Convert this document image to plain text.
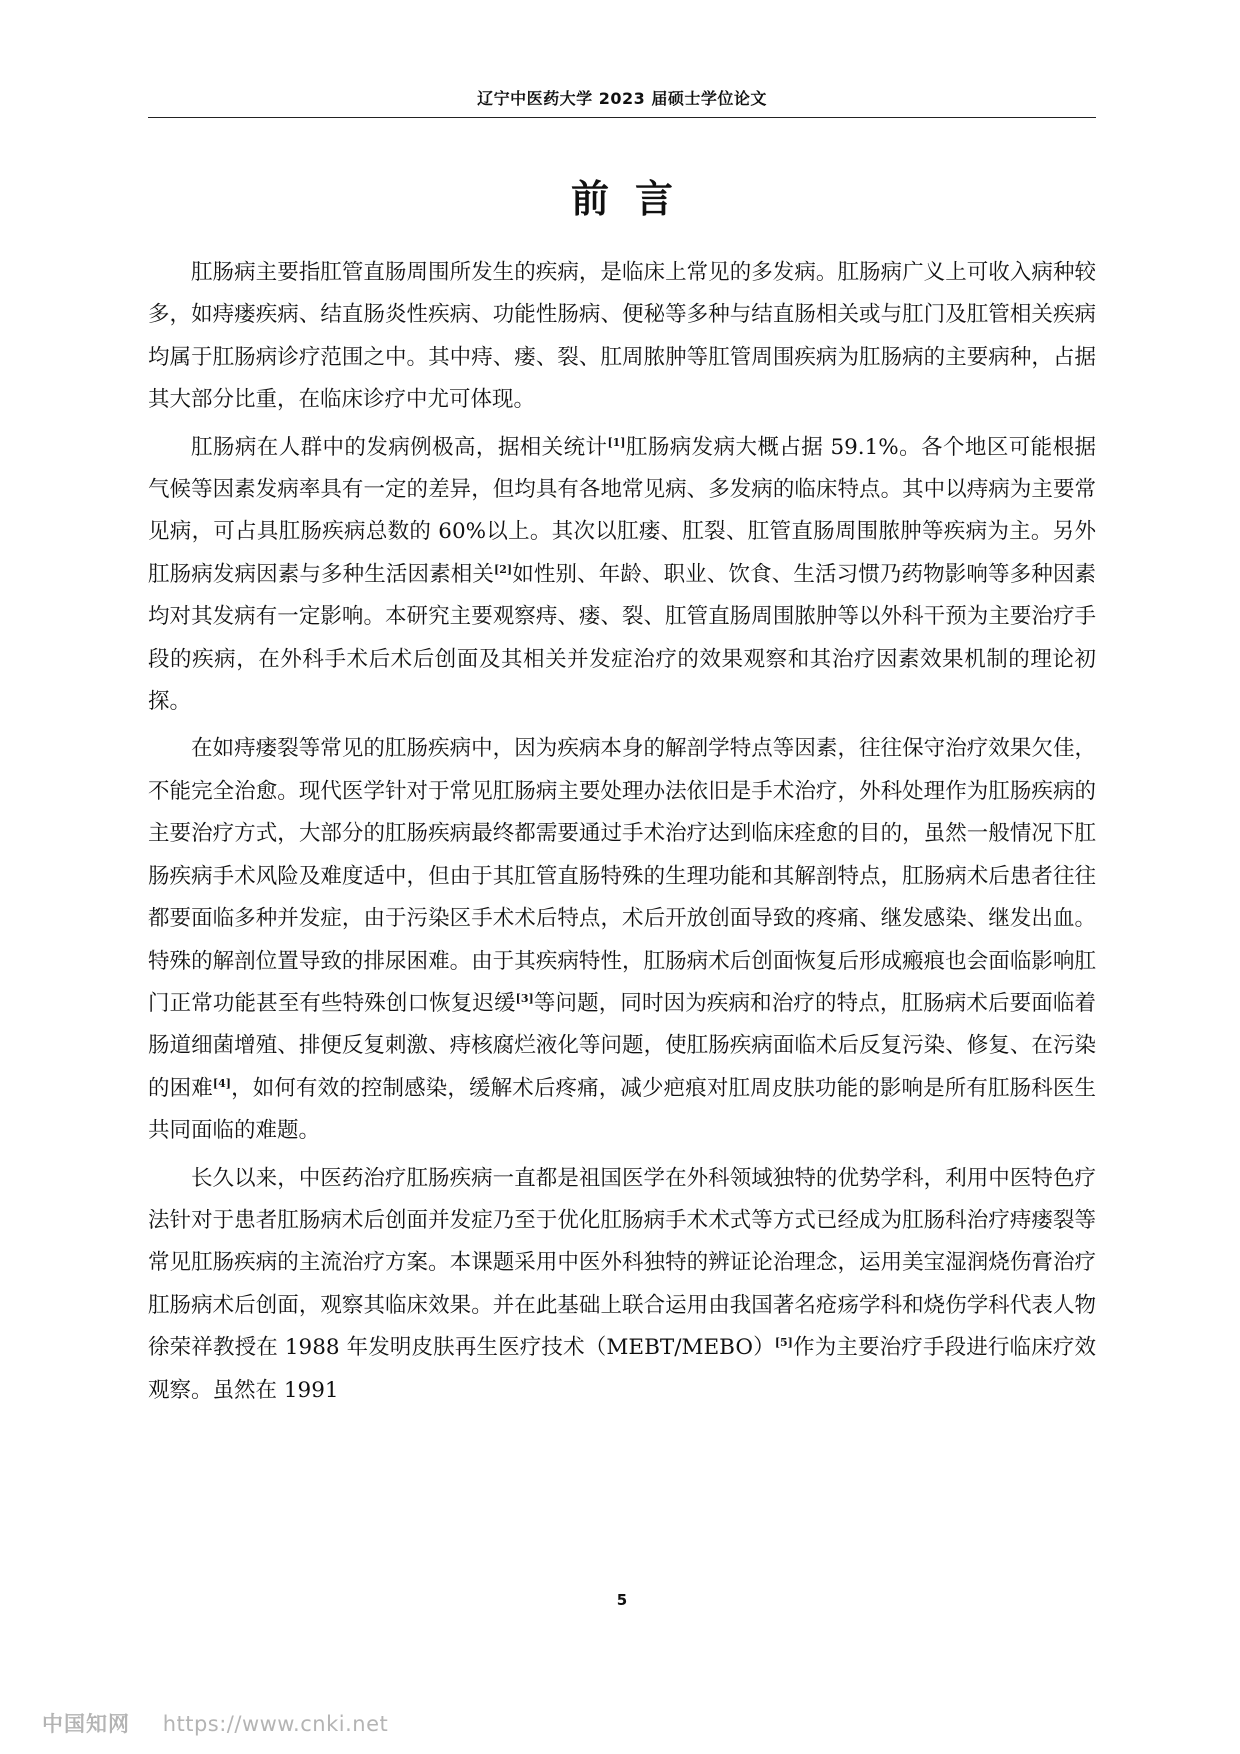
辽宁中医药大学 2023 届硕士学位论文
前言

肛肠病主要指肛管直肠周围所发生的疾病，是临床上常见的多发病。肛肠病广义上可收入病种较多，如痔瘘疾病、结直肠炎性疾病、功能性肠病、便秘等多种与结直肠相关或与肛门及肛管相关疾病均属于肛肠病诊疗范围之中。其中痔、瘘、裂、肛周脓肿等肛管周围疾病为肛肠病的主要病种，占据其大部分比重，在临床诊疗中尤可体现。

肛肠病在人群中的发病例极高，据相关统计[1]肛肠病发病大概占据 59.1%。各个地区可能根据气候等因素发病率具有一定的差异，但均具有各地常见病、多发病的临床特点。其中以痔病为主要常见病，可占具肛肠疾病总数的 60%以上。其次以肛瘘、肛裂、肛管直肠周围脓肿等疾病为主。另外肛肠病发病因素与多种生活因素相关[2]如性别、年龄、职业、饮食、生活习惯乃药物影响等多种因素均对其发病有一定影响。本研究主要观察痔、瘘、裂、肛管直肠周围脓肿等以外科干预为主要治疗手段的疾病，在外科手术后术后创面及其相关并发症治疗的效果观察和其治疗因素效果机制的理论初探。

在如痔瘘裂等常见的肛肠疾病中，因为疾病本身的解剖学特点等因素，往往保守治疗效果欠佳，不能完全治愈。现代医学针对于常见肛肠病主要处理办法依旧是手术治疗，外科处理作为肛肠疾病的主要治疗方式，大部分的肛肠疾病最终都需要通过手术治疗达到临床痊愈的目的，虽然一般情况下肛肠疾病手术风险及难度适中，但由于其肛管直肠特殊的生理功能和其解剖特点，肛肠病术后患者往往都要面临多种并发症，由于污染区手术术后特点，术后开放创面导致的疼痛、继发感染、继发出血。特殊的解剖位置导致的排尿困难。由于其疾病特性，肛肠病术后创面恢复后形成瘢痕也会面临影响肛门正常功能甚至有些特殊创口恢复迟缓[3]等问题，同时因为疾病和治疗的特点，肛肠病术后要面临着肠道细菌增殖、排便反复刺激、痔核腐烂液化等问题，使肛肠疾病面临术后反复污染、修复、在污染的困难[4]，如何有效的控制感染，缓解术后疼痛，减少疤痕对肛周皮肤功能的影响是所有肛肠科医生共同面临的难题。

长久以来，中医药治疗肛肠疾病一直都是祖国医学在外科领域独特的优势学科，利用中医特色疗法针对于患者肛肠病术后创面并发症乃至于优化肛肠病手术术式等方式已经成为肛肠科治疗痔瘘裂等常见肛肠疾病的主流治疗方案。本课题采用中医外科独特的辨证论治理念，运用美宝湿润烧伤膏治疗肛肠病术后创面，观察其临床效果。并在此基础上联合运用由我国著名疮疡学科和烧伤学科代表人物徐荣祥教授在 1988 年发明皮肤再生医疗技术（MEBT/MEBO）[5]作为主要治疗手段进行临床疗效观察。虽然在 1991

5
中国知网 https://www.cnki.net
